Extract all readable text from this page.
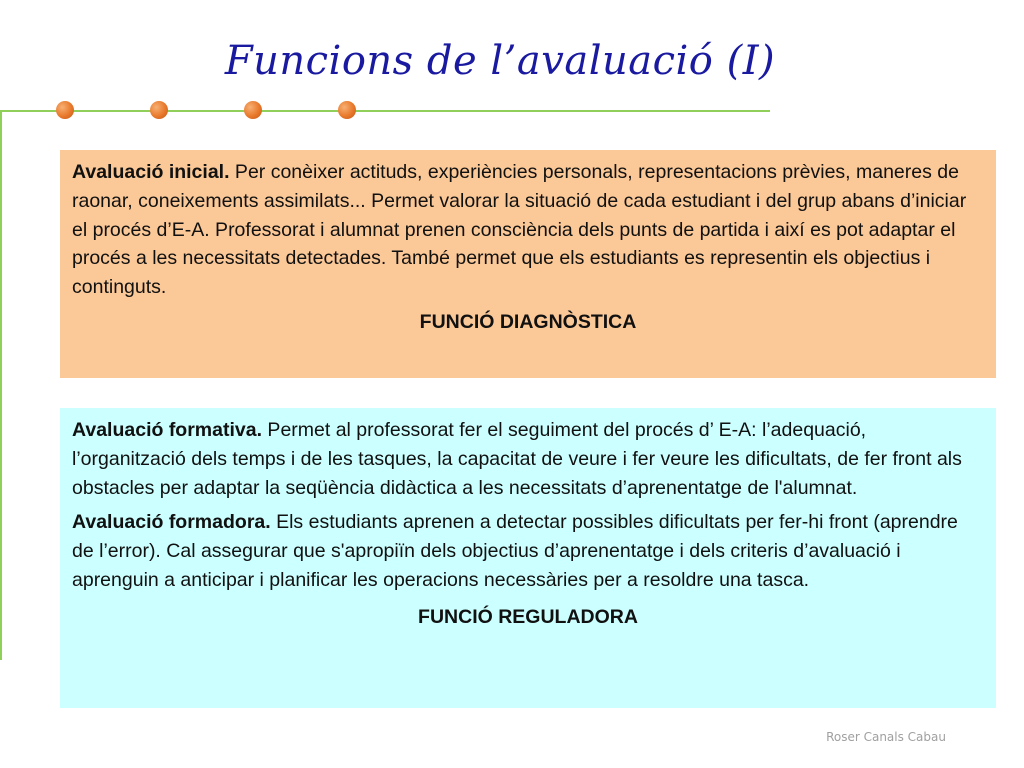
Funcions de l’avaluació (I)

Avaluació inicial. Per conèixer actituds, experiències personals, representacions prèvies, maneres de raonar, coneixements assimilats... Permet valorar la situació de cada estudiant i del grup abans d’iniciar el procés d’E-A. Professorat i alumnat prenen consciència dels punts de partida i així es pot adaptar el procés a les necessitats detectades. També permet que els estudiants es representin els objectius i continguts.

FUNCIÓ DIAGNÒSTICA

Avaluació formativa. Permet al professorat fer el seguiment del procés d’ E-A: l’adequació, l’organització dels temps i de les tasques, la capacitat de veure i fer veure les dificultats, de fer front als obstacles per adaptar la seqüència didàctica a les necessitats d’aprenentatge de l'alumnat.

Avaluació formadora. Els estudiants aprenen a detectar possibles dificultats per fer-hi front (aprendre de l’error). Cal assegurar que s'apropiïn dels objectius d’aprenentatge i dels criteris d’avaluació i aprenguin a anticipar i planificar les operacions necessàries per a resoldre una tasca.

FUNCIÓ REGULADORA

Roser Canals Cabau
